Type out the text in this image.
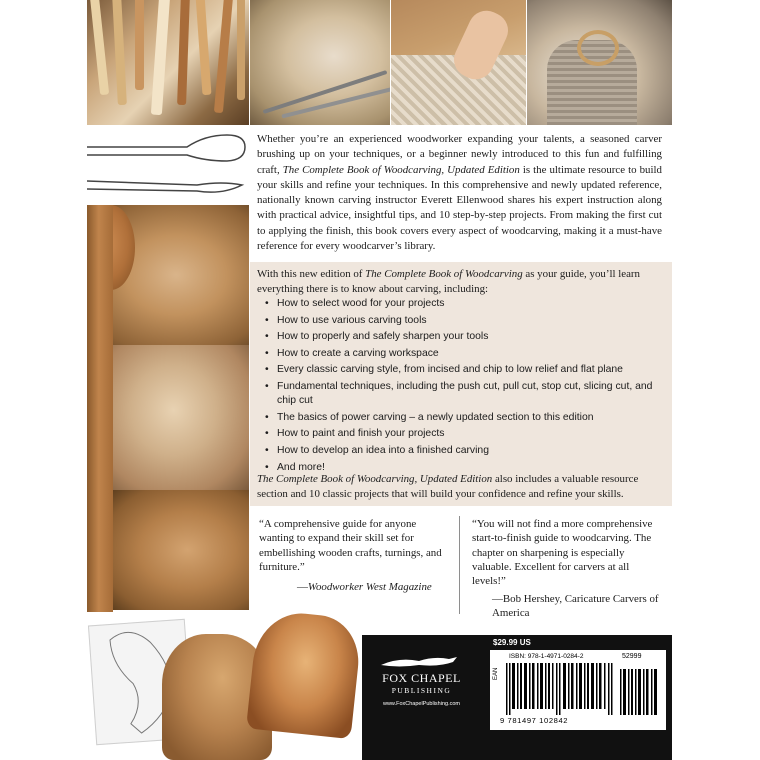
Whether you’re an experienced woodworker expanding your talents, a seasoned carver brushing up on your techniques, or a beginner newly introduced to this fun and fulfilling craft, The Complete Book of Woodcarving, Updated Edition is the ultimate resource to build your skills and refine your techniques. In this comprehensive and newly updated reference, nationally known carving instructor Everett Ellenwood shares his expert instruction along with practical advice, insightful tips, and 10 step-by-step projects. From making the first cut to applying the finish, this book covers every aspect of woodcarving, making it a must-have reference for every woodcarver’s library.
With this new edition of The Complete Book of Woodcarving as your guide, you’ll learn everything there is to know about carving, including:
• How to select wood for your projects
• How to use various carving tools
• How to properly and safely sharpen your tools
• How to create a carving workspace
• Every classic carving style, from incised and chip to low relief and flat plane
• Fundamental techniques, including the push cut, pull cut, stop cut, slicing cut, and chip cut
• The basics of power carving – a newly updated section to this edition
• How to paint and finish your projects
• How to develop an idea into a finished carving
• And more!
The Complete Book of Woodcarving, Updated Edition also includes a valuable resource section and 10 classic projects that will build your confidence and refine your skills.
“A comprehensive guide for anyone wanting to expand their skill set for embellishing wooden crafts, turnings, and furniture.”
—Woodworker West Magazine
“You will not find a more comprehensive start-to-finish guide to woodcarving. The chapter on sharpening is especially valuable. Excellent for carvers at all levels!”
—Bob Hershey, Caricature Carvers of America
FOX CHAPEL
PUBLISHING
www.FoxChapelPublishing.com
$29.99 US
ISBN: 978-1-4971-0284-2
EAN
52999
9 781497 102842
